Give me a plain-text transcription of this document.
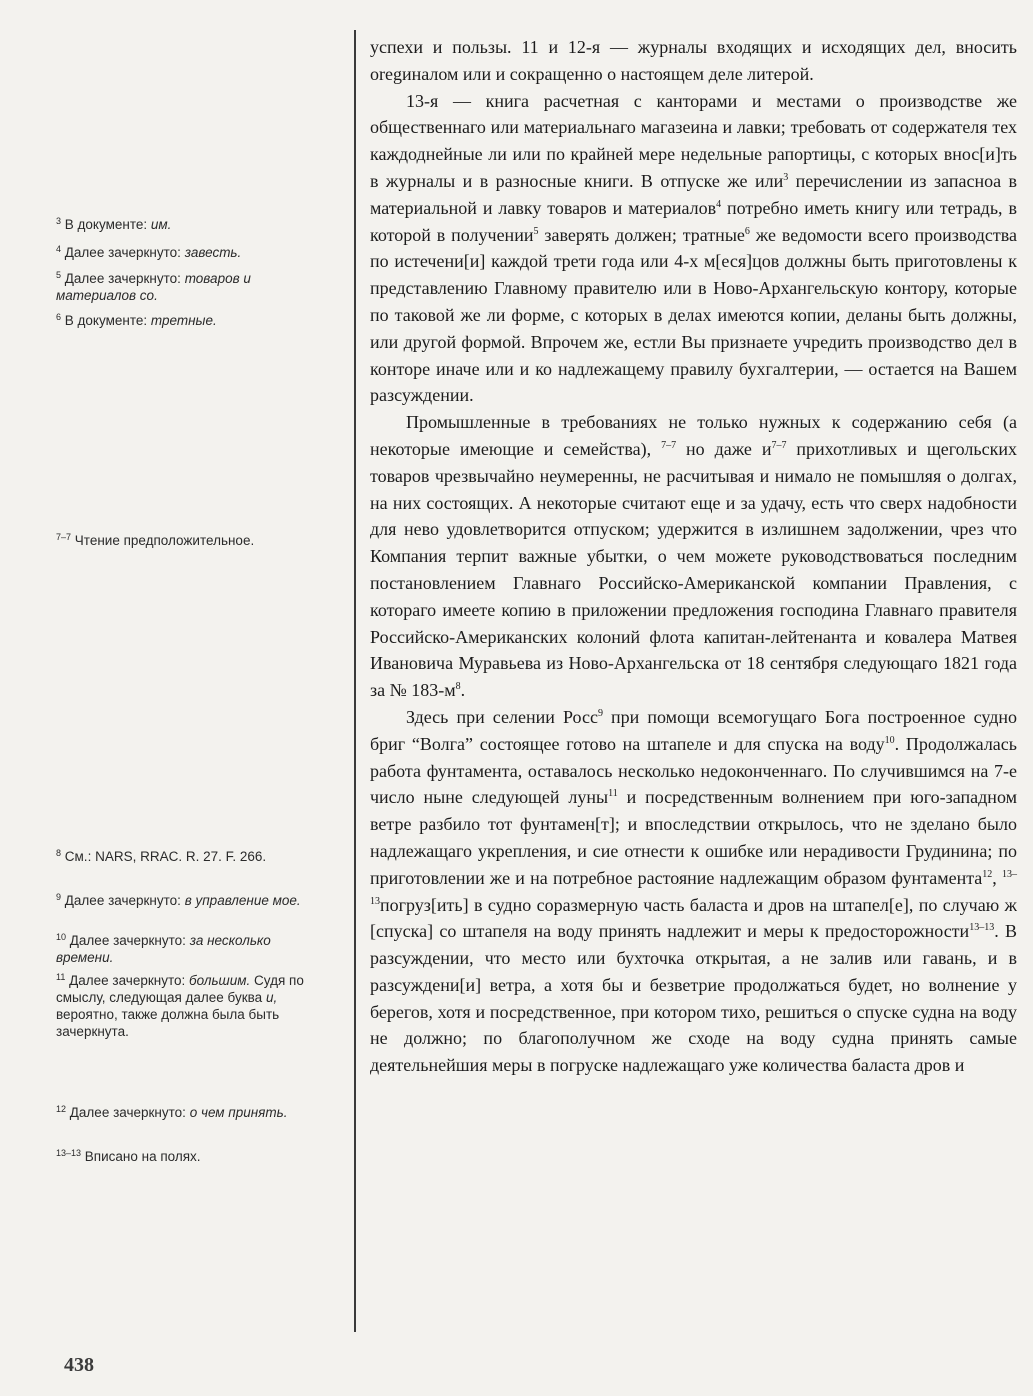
$^3$ В документе: им.
$^4$ Далее зачеркнуто: завесть.
$^5$ Далее зачеркнуто: товаров и материалов со.
$^6$ В документе: третные.
$^{7-7}$ Чтение предположительное.
$^8$ См.: NARS, RRAC. R. 27. F. 266.
$^9$ Далее зачеркнуто: в управление мое.
$^{10}$ Далее зачеркнуто: за несколько времени.
$^{11}$ Далее зачеркнуто: большим. Судя по смыслу, следующая далее буква и, вероятно, также должна была быть зачеркнута.
$^{12}$ Далее зачеркнуто: о чем принять.
$^{13-13}$ Вписано на полях.

успехи и пользы. 11 и 12-я — журналы входящих и исходящих дел, вносить оregиналом или и сокращенно о настоящем деле литерой.

13-я — книга расчетная с канторами и местами о производстве же общественнаго или материальнаго магазеина и лавки; требовать от содержателя тех каждоднейные ли или по крайней мере недельные рапортицы, с которых внос[и]ть в журналы и в разносные книги. В отпуске же или$^3$ перечислении из запасноа в материальной и лавку товаров и материалов$^4$ потребно иметь книгу или тетрадь, в которой в получении$^5$ заверять должен; тратные$^6$ же ведомости всего производства по истечени[и] каждой трети года или 4-х м[еся]цов должны быть приготовлены к представлению Главному правителю или в Ново-Архангельскую контору, которые по таковой же ли форме, с которых в делах имеются копии, деланы быть должны, или другой формой. Впрочем же, естли Вы признаете учредить производство дел в конторе иначе или и ко надлежащему правилу бухгалтерии, — остается на Вашем разсуждении.

Промышленные в требованиях не только нужных к содержанию себя (а некоторые имеющие и семейства), $^{7-7}$ но даже $и^{7-7}$ прихотливых и щегольских товаров чрезвычайно неумеренны, не расчитывая и нимало не помышляя о долгах, на них состоящих. А некоторые считают еще и за удачу, есть что сверх надобности для нево удовлетворится отпуском; удержится в излишнем задолжении, чрез что Компания терпит важные убытки, о чем можете руководствоваться последним постановлением Главнаго Российско-Американской компании Правления, с котораго имеете копию в приложении предложения господина Главнаго правителя Российско-Американских колоний флота капитан-лейтенанта и ковалера Матвея Ивановича Муравьева из Ново-Архангельска от 18 сентября следующаго 1821 года за № $183-м^8$.

Здесь при селении Росс$^9$ при помощи всемогущаго Бога построенное судно бриг “Волга” состоящее готово на штапеле и для спуска на воду$^{10}$. Продолжалась работа фунтамента, оставалось несколько недоконченнаго. По случившимся на 7-е число ныне следующей луны$^{11}$ и посредственным волнением при юго-западном ветре разбило тот фунтамен[т]; и впоследствии открылось, что не зделано было надлежащаго укрепления, и сие отнести к ошибке или нерадивости Грудинина; по приготовлении же и на потребное растояние надлежащим образом фунтамента$^{12}$, $^{13-13}$погруз[ить] в судно соразмерную часть баласта и дров на штапел[е], по случаю ж [спуска] со штапеля на воду принять надлежит и меры к предосторожности$^{13-13}$. В разсуждении, что место или бухточка открытая, а не залив или гавань, и в разсуждени[и] ветра, а хотя бы и безветрие продолжаться будет, но волнение у берегов, хотя и посредственное, при котором тихо, решиться о спуске судна на воду не должно; по благополучном же сходе на воду судна принять самые деятельнейшия меры в погруске надлежащаго уже количества баласта дров и

438
